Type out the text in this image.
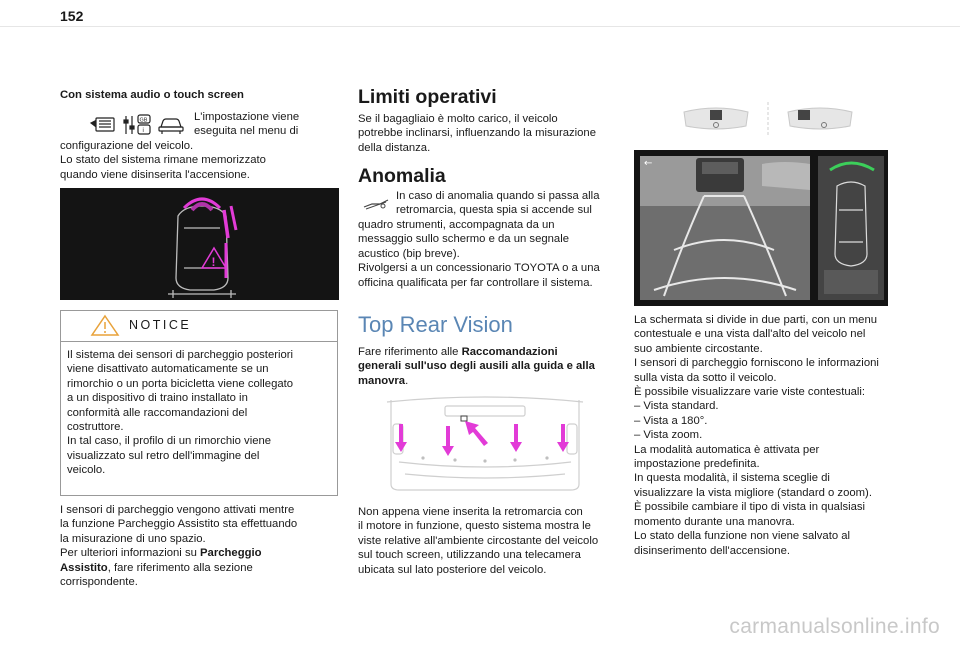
152
Con sistema audio o touch screen
GB
i
L'impostazione viene
eseguita nel menu di
configurazione del veicolo.
Lo stato del sistema rimane memorizzato
quando viene disinserita l'accensione.
!
NOTICE
Il sistema dei sensori di parcheggio posteriori
viene disattivato automaticamente se un
rimorchio o un porta bicicletta viene collegato
a un dispositivo di traino installato in
conformità alle raccomandazioni del
costruttore.
In tal caso, il profilo di un rimorchio viene
visualizzato sul retro dell'immagine del
veicolo.
I sensori di parcheggio vengono attivati mentre
la funzione Parcheggio Assistito sta effettuando
la misurazione di uno spazio.
Per ulteriori informazioni su Parcheggio
Assistito, fare riferimento alla sezione
corrispondente.
Limiti operativi
Se il bagagliaio è molto carico, il veicolo
potrebbe inclinarsi, influenzando la misurazione
della distanza.
Anomalia
In caso di anomalia quando si passa alla
retromarcia, questa spia si accende sul
quadro strumenti, accompagnata da un
messaggio sullo schermo e da un segnale
acustico (bip breve).
Rivolgersi a un concessionario TOYOTA o a una
officina qualificata per far controllare il sistema.
Top Rear Vision
Fare riferimento alle Raccomandazioni
generali sull'uso degli ausili alla guida e alla
manovra.
Non appena viene inserita la retromarcia con
il motore in funzione, questo sistema mostra le
viste relative all'ambiente circostante del veicolo
sul touch screen, utilizzando una telecamera
ubicata sul lato posteriore del veicolo.
←
La schermata si divide in due parti, con un menu
contestuale e una vista dall'alto del veicolo nel
suo ambiente circostante.
I sensori di parcheggio forniscono le informazioni
sulla vista da sotto il veicolo.
È possibile visualizzare varie viste contestuali:
– Vista standard.
– Vista a 180°.
– Vista zoom.
La modalità automatica è attivata per
impostazione predefinita.
In questa modalità, il sistema sceglie di
visualizzare la vista migliore (standard o zoom).
È possibile cambiare il tipo di vista in qualsiasi
momento durante una manovra.
Lo stato della funzione non viene salvato al
disinserimento dell'accensione.
carmanualsonline.info
